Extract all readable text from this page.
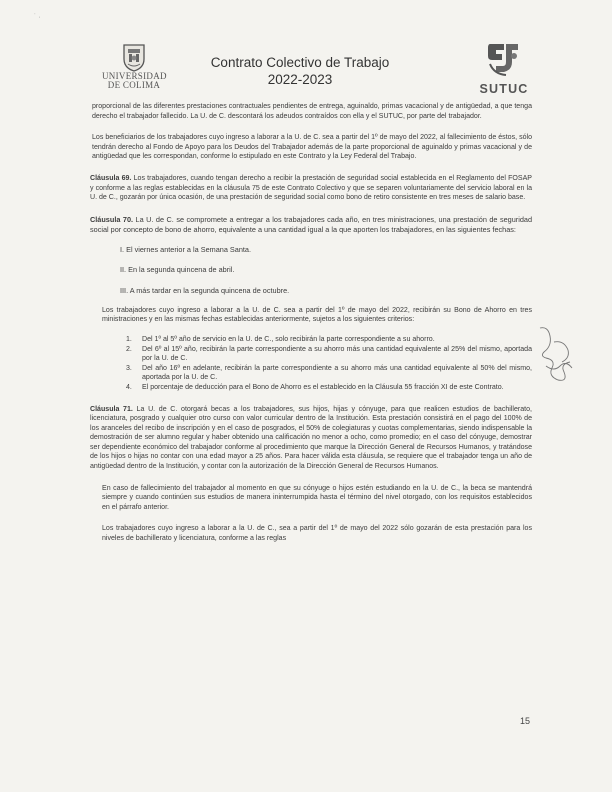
˙ ·
UNIVERSIDAD
DE COLIMA
Contrato Colectivo de Trabajo
2022-2023
SUTUC

proporcional de las diferentes prestaciones contractuales pendientes de entrega, aguinaldo, primas vacacional y de antigüedad, a que tenga derecho el trabajador fallecido. La U. de C. descontará los adeudos contraídos con ella y el SUTUC, por parte del trabajador.

Los beneficiarios de los trabajadores cuyo ingreso a laborar a la U. de C. sea a partir del 1º de mayo del 2022, al fallecimiento de éstos, sólo tendrán derecho al Fondo de Apoyo para los Deudos del Trabajador además de la parte proporcional de aguinaldo y primas vacacional y de antigüedad que les correspondan, conforme lo estipulado en este Contrato y la Ley Federal del Trabajo.

Cláusula 69. Los trabajadores, cuando tengan derecho a recibir la prestación de seguridad social establecida en el Reglamento del FOSAP y conforme a las reglas establecidas en la cláusula 75 de este Contrato Colectivo y que se separen voluntariamente del servicio laboral en la U. de C., gozarán por única ocasión, de una prestación de seguridad social como bono de retiro consistente en tres meses de salario base.

Cláusula 70. La U. de C. se compromete a entregar a los trabajadores cada año, en tres ministraciones, una prestación de seguridad social por concepto de bono de ahorro, equivalente a una cantidad igual a la que aporten los trabajadores, en las siguientes fechas:

I. El viernes anterior a la Semana Santa.

II. En la segunda quincena de abril.

III. A más tardar en la segunda quincena de octubre.

Los trabajadores cuyo ingreso a laborar a la U. de C. sea a partir del 1º de mayo del 2022, recibirán su Bono de Ahorro en tres ministraciones y en las mismas fechas establecidas anteriormente, sujetos a los siguientes criterios:

1. Del 1º al 5º año de servicio en la U. de C., solo recibirán la parte correspondiente a su ahorro.
2. Del 6º al 15º año, recibirán la parte correspondiente a su ahorro más una cantidad equivalente al 25% del mismo, aportada por la U. de C.
3. Del año 16º en adelante, recibirán la parte correspondiente a su ahorro más una cantidad equivalente al 50% del mismo, aportada por la U. de C.
4. El porcentaje de deducción para el Bono de Ahorro es el establecido en la Cláusula 55 fracción XI de este Contrato.

Cláusula 71. La U. de C. otorgará becas a los trabajadores, sus hijos, hijas y cónyuge, para que realicen estudios de bachillerato, licenciatura, posgrado y cualquier otro curso con valor curricular dentro de la Institución. Esta prestación consistirá en el pago del 100% de los aranceles del recibo de inscripción y en el caso de posgrados, el 50% de colegiaturas y cuotas complementarias, siendo indispensable la demostración de ser alumno regular y haber obtenido una calificación no menor a ocho, como promedio; en el caso del cónyuge, demostrar ser dependiente económico del trabajador conforme al procedimiento que marque la Dirección General de Recursos Humanos, y tratándose de los hijos o hijas no contar con una edad mayor a 25 años. Para hacer válida esta cláusula, se requiere que el trabajador tenga un año de antigüedad dentro de la Institución, y contar con la autorización de la Dirección General de Recursos Humanos.

En caso de fallecimiento del trabajador al momento en que su cónyuge o hijos estén estudiando en la U. de C., la beca se mantendrá siempre y cuando continúen sus estudios de manera ininterrumpida hasta el término del nivel otorgado, con los requisitos establecidos en el párrafo anterior.

Los trabajadores cuyo ingreso a laborar a la U. de C., sea a partir del 1º de mayo del 2022 sólo gozarán de esta prestación para los niveles de bachillerato y licenciatura, conforme a las reglas

15
